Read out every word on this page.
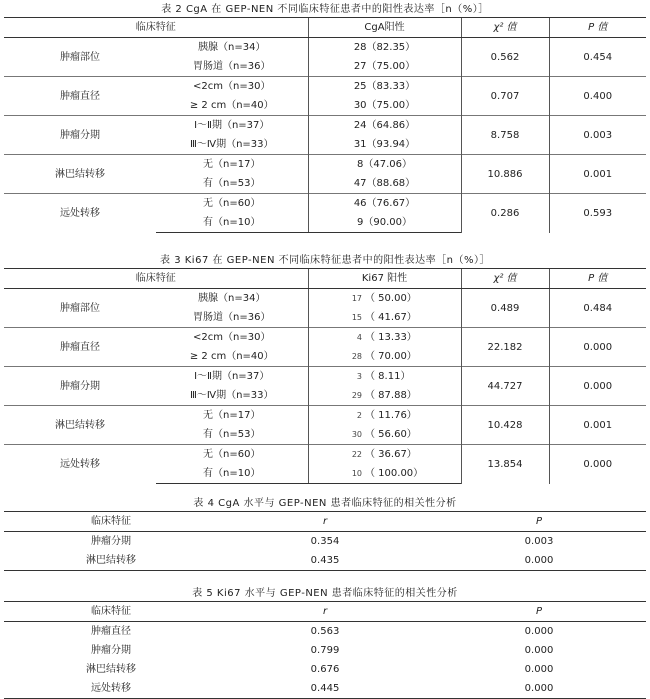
表 2 CgA 在 GEP-NEN 不同临床特征患者中的阳性表达率［n（%）］
临床特征		CgA阳性	χ² 值	P 值
肿瘤部位	胰腺（n=34）	28（82.35）	0.562	0.454
	胃肠道（n=36）	27（75.00）		
肿瘤直径	<2cm（n=30）	25（83.33）	0.707	0.400
	≥ 2 cm（n=40）	30（75.00）		
肿瘤分期	Ⅰ～Ⅱ期（n=37）	24（64.86）	8.758	0.003
	Ⅲ～Ⅳ期（n=33）	31（93.94）		
淋巴结转移	无（n=17）	8（47.06）	10.886	0.001
	有（n=53）	47（88.68）		
远处转移	无（n=60）	46（76.67）	0.286	0.593
	有（n=10）	9（90.00）		
表 3 Ki67 在 GEP-NEN 不同临床特征患者中的阳性表达率［n（%）］
临床特征		Ki67 阳性	χ² 值	P 值
肿瘤部位	胰腺（n=34）	17 （ 50.00）	0.489	0.484
	胃肠道（n=36）	15 （ 41.67）		
肿瘤直径	<2cm（n=30）	4 （ 13.33）	22.182	0.000
	≥ 2 cm（n=40）	28 （ 70.00）		
肿瘤分期	Ⅰ～Ⅱ期（n=37）	3 （ 8.11）	44.727	0.000
	Ⅲ～Ⅳ期（n=33）	29 （ 87.88）		
淋巴结转移	无（n=17）	2 （ 11.76）	10.428	0.001
	有（n=53）	30 （ 56.60）		
远处转移	无（n=60）	22 （ 36.67）	13.854	0.000
	有（n=10）	10 （ 100.00）		
表 4 CgA 水平与 GEP-NEN 患者临床特征的相关性分析
临床特征	r	P
肿瘤分期	0.354	0.003
淋巴结转移	0.435	0.000
表 5 Ki67 水平与 GEP-NEN 患者临床特征的相关性分析
临床特征	r	P
肿瘤直径	0.563	0.000
肿瘤分期	0.799	0.000
淋巴结转移	0.676	0.000
远处转移	0.445	0.000
